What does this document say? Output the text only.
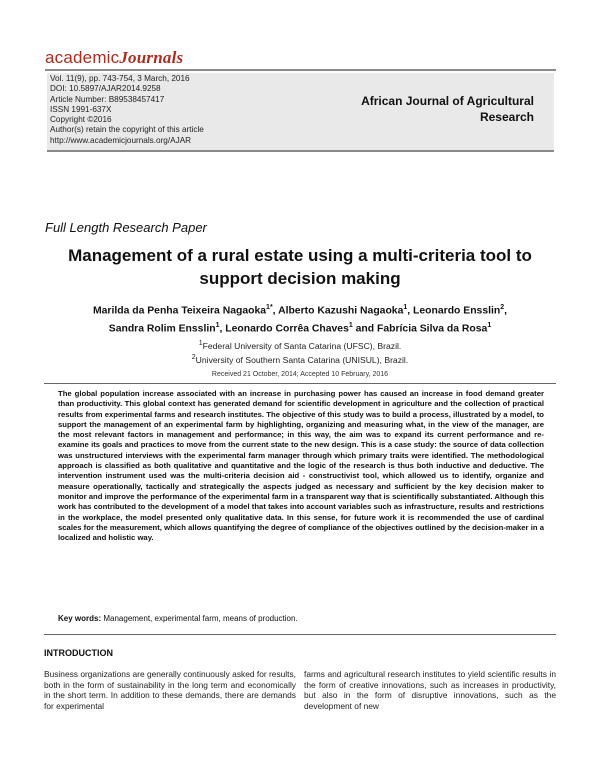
academicJournals
Vol. 11(9), pp. 743-754, 3 March, 2016
DOI: 10.5897/AJAR2014.9258
Article Number: B89538457417
ISSN 1991-637X
Copyright ©2016
Author(s) retain the copyright of this article
http://www.academicjournals.org/AJAR
African Journal of Agricultural Research
Full Length Research Paper
Management of a rural estate using a multi-criteria tool to support decision making
Marilda da Penha Teixeira Nagaoka$^{1*}$, Alberto Kazushi Nagaoka$^1$, Leonardo Ensslin$^2$,
Sandra Rolim Ensslin$^1$, Leonardo Corrêa Chaves$^1$ and Fabrícia Silva da Rosa$^1$
$^1$Federal University of Santa Catarina (UFSC), Brazil.
$^2$University of Southern Santa Catarina (UNISUL), Brazil.
Received 21 October, 2014; Accepted 10 February, 2016
The global population increase associated with an increase in purchasing power has caused an increase in food demand greater than productivity. This global context has generated demand for scientific development in agriculture and the collection of practical results from experimental farms and research institutes. The objective of this study was to build a process, illustrated by a model, to support the management of an experimental farm by highlighting, organizing and measuring what, in the view of the manager, are the most relevant factors in management and performance; in this way, the aim was to expand its current performance and re-examine its goals and practices to move from the current state to the new design. This is a case study: the source of data collection was unstructured interviews with the experimental farm manager through which primary traits were identified. The methodological approach is classified as both qualitative and quantitative and the logic of the research is thus both inductive and deductive. The intervention instrument used was the multi-criteria decision aid - constructivist tool, which allowed us to identify, organize and measure operationally, tactically and strategically the aspects judged as necessary and sufficient by the key decision maker to monitor and improve the performance of the experimental farm in a transparent way that is scientifically substantiated. Although this work has contributed to the development of a model that takes into account variables such as infrastructure, results and restrictions in the workplace, the model presented only qualitative data. In this sense, for future work it is recommended the use of cardinal scales for the measurement, which allows quantifying the degree of compliance of the objectives outlined by the decision-maker in a localized and holistic way.
Key words: Management, experimental farm, means of production.
INTRODUCTION
Business organizations are generally continuously asked for results, both in the form of sustainability in the long term and economically in the short term. In addition to these demands, there are demands for experimental
farms and agricultural research institutes to yield scientific results in the form of creative innovations, such as increases in productivity, but also in the form of disruptive innovations, such as the development of new
